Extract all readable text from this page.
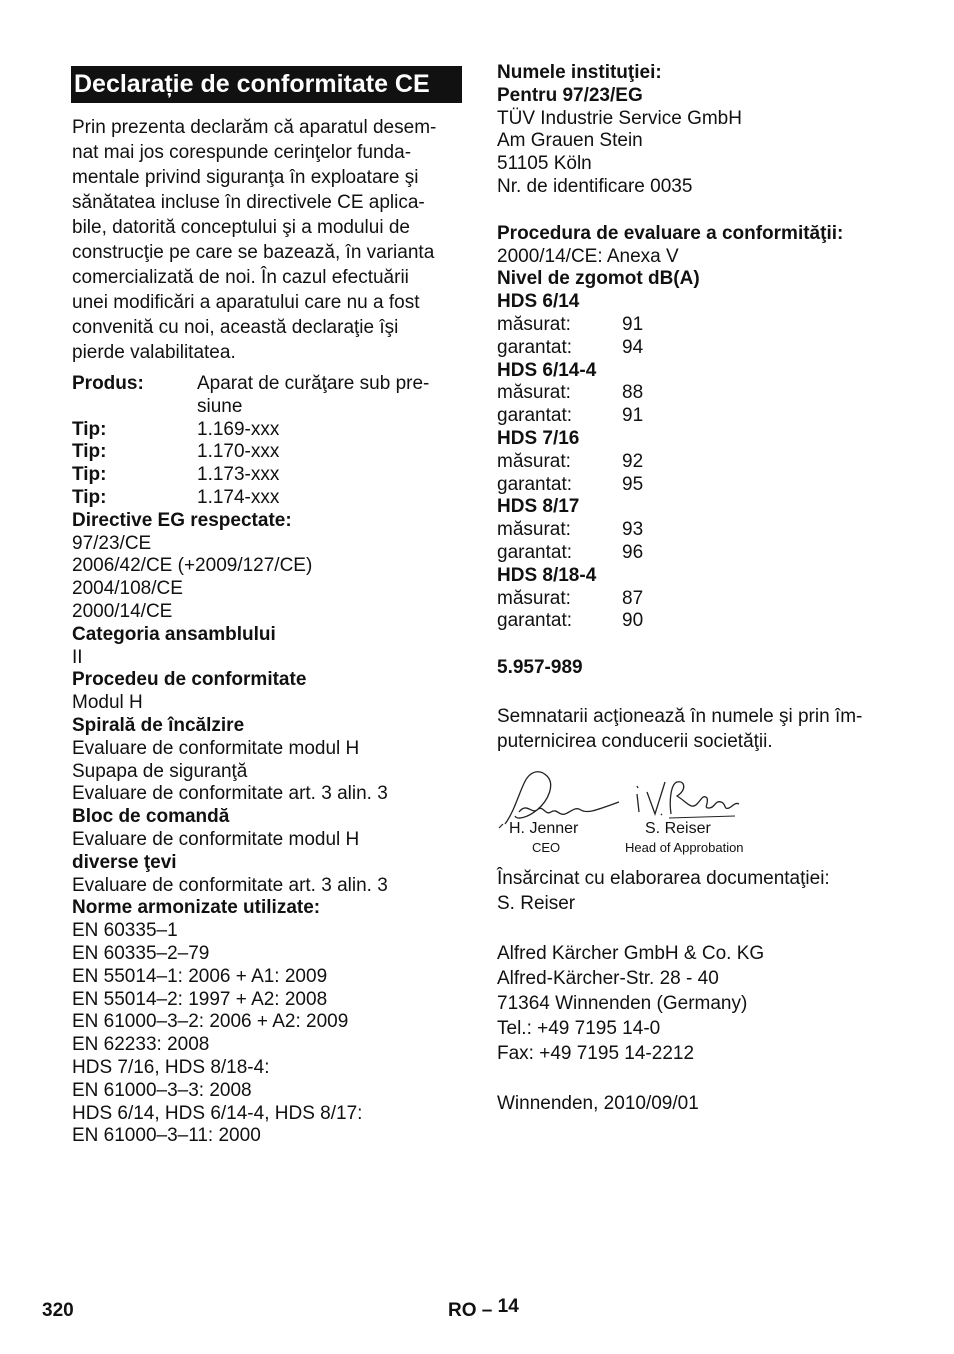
Declarație de conformitate CE
Prin prezenta declarăm că aparatul desem-
nat mai jos corespunde cerinţelor funda-
mentale privind siguranţa în exploatare şi
sănătatea incluse în directivele CE aplica-
bile, datorită conceptului şi a modului de
construcţie pe care se bazează, în varianta
comercializată de noi. În cazul efectuării
unei modificări a aparatului care nu a fost
convenită cu noi, această declaraţie îşi
pierde valabilitatea.
Produs:	Aparat de curăţare sub pre-
siune
Tip:	1.169-xxx
Tip:	1.170-xxx
Tip:	1.173-xxx
Tip:	1.174-xxx
Directive EG respectate:
97/23/CE
2006/42/CE (+2009/127/CE)
2004/108/CE
2000/14/CE
Categoria ansamblului
II
Procedeu de conformitate
Modul H
Spirală de încălzire
Evaluare de conformitate modul H
Supapa de siguranţă
Evaluare de conformitate art. 3 alin. 3
Bloc de comandă
Evaluare de conformitate modul H
diverse ţevi
Evaluare de conformitate art. 3 alin. 3
Norme armonizate utilizate:
EN 60335–1
EN 60335–2–79
EN 55014–1: 2006 + A1: 2009
EN 55014–2: 1997 + A2: 2008
EN 61000–3–2: 2006 + A2: 2009
EN 62233: 2008
HDS 7/16, HDS 8/18-4:
EN 61000–3–3: 2008
HDS 6/14, HDS 6/14-4, HDS 8/17:
EN 61000–3–11: 2000
Numele instituţiei:
Pentru 97/23/EG
TÜV Industrie Service GmbH
Am Grauen Stein
51105 Köln
Nr. de identificare 0035
Procedura de evaluare a conformităţii:
2000/14/CE: Anexa V
Nivel de zgomot dB(A)
HDS 6/14
măsurat:	91
garantat:	94
HDS 6/14-4
măsurat:	88
garantat:	91
HDS 7/16
măsurat:	92
garantat:	95
HDS 8/17
măsurat:	93
garantat:	96
HDS 8/18-4
măsurat:	87
garantat:	90
5.957-989
Semnatarii acţionează în numele şi prin îm-
puternicirea conducerii societăţii.
H. Jenner
CEO
S. Reiser
Head of Approbation
Însărcinat cu elaborarea documentaţiei:
S. Reiser
Alfred Kärcher GmbH & Co. KG
Alfred-Kärcher-Str. 28 - 40
71364 Winnenden (Germany)
Tel.: +49 7195 14-0
Fax: +49 7195 14-2212
Winnenden, 2010/09/01
320	RO – 14
